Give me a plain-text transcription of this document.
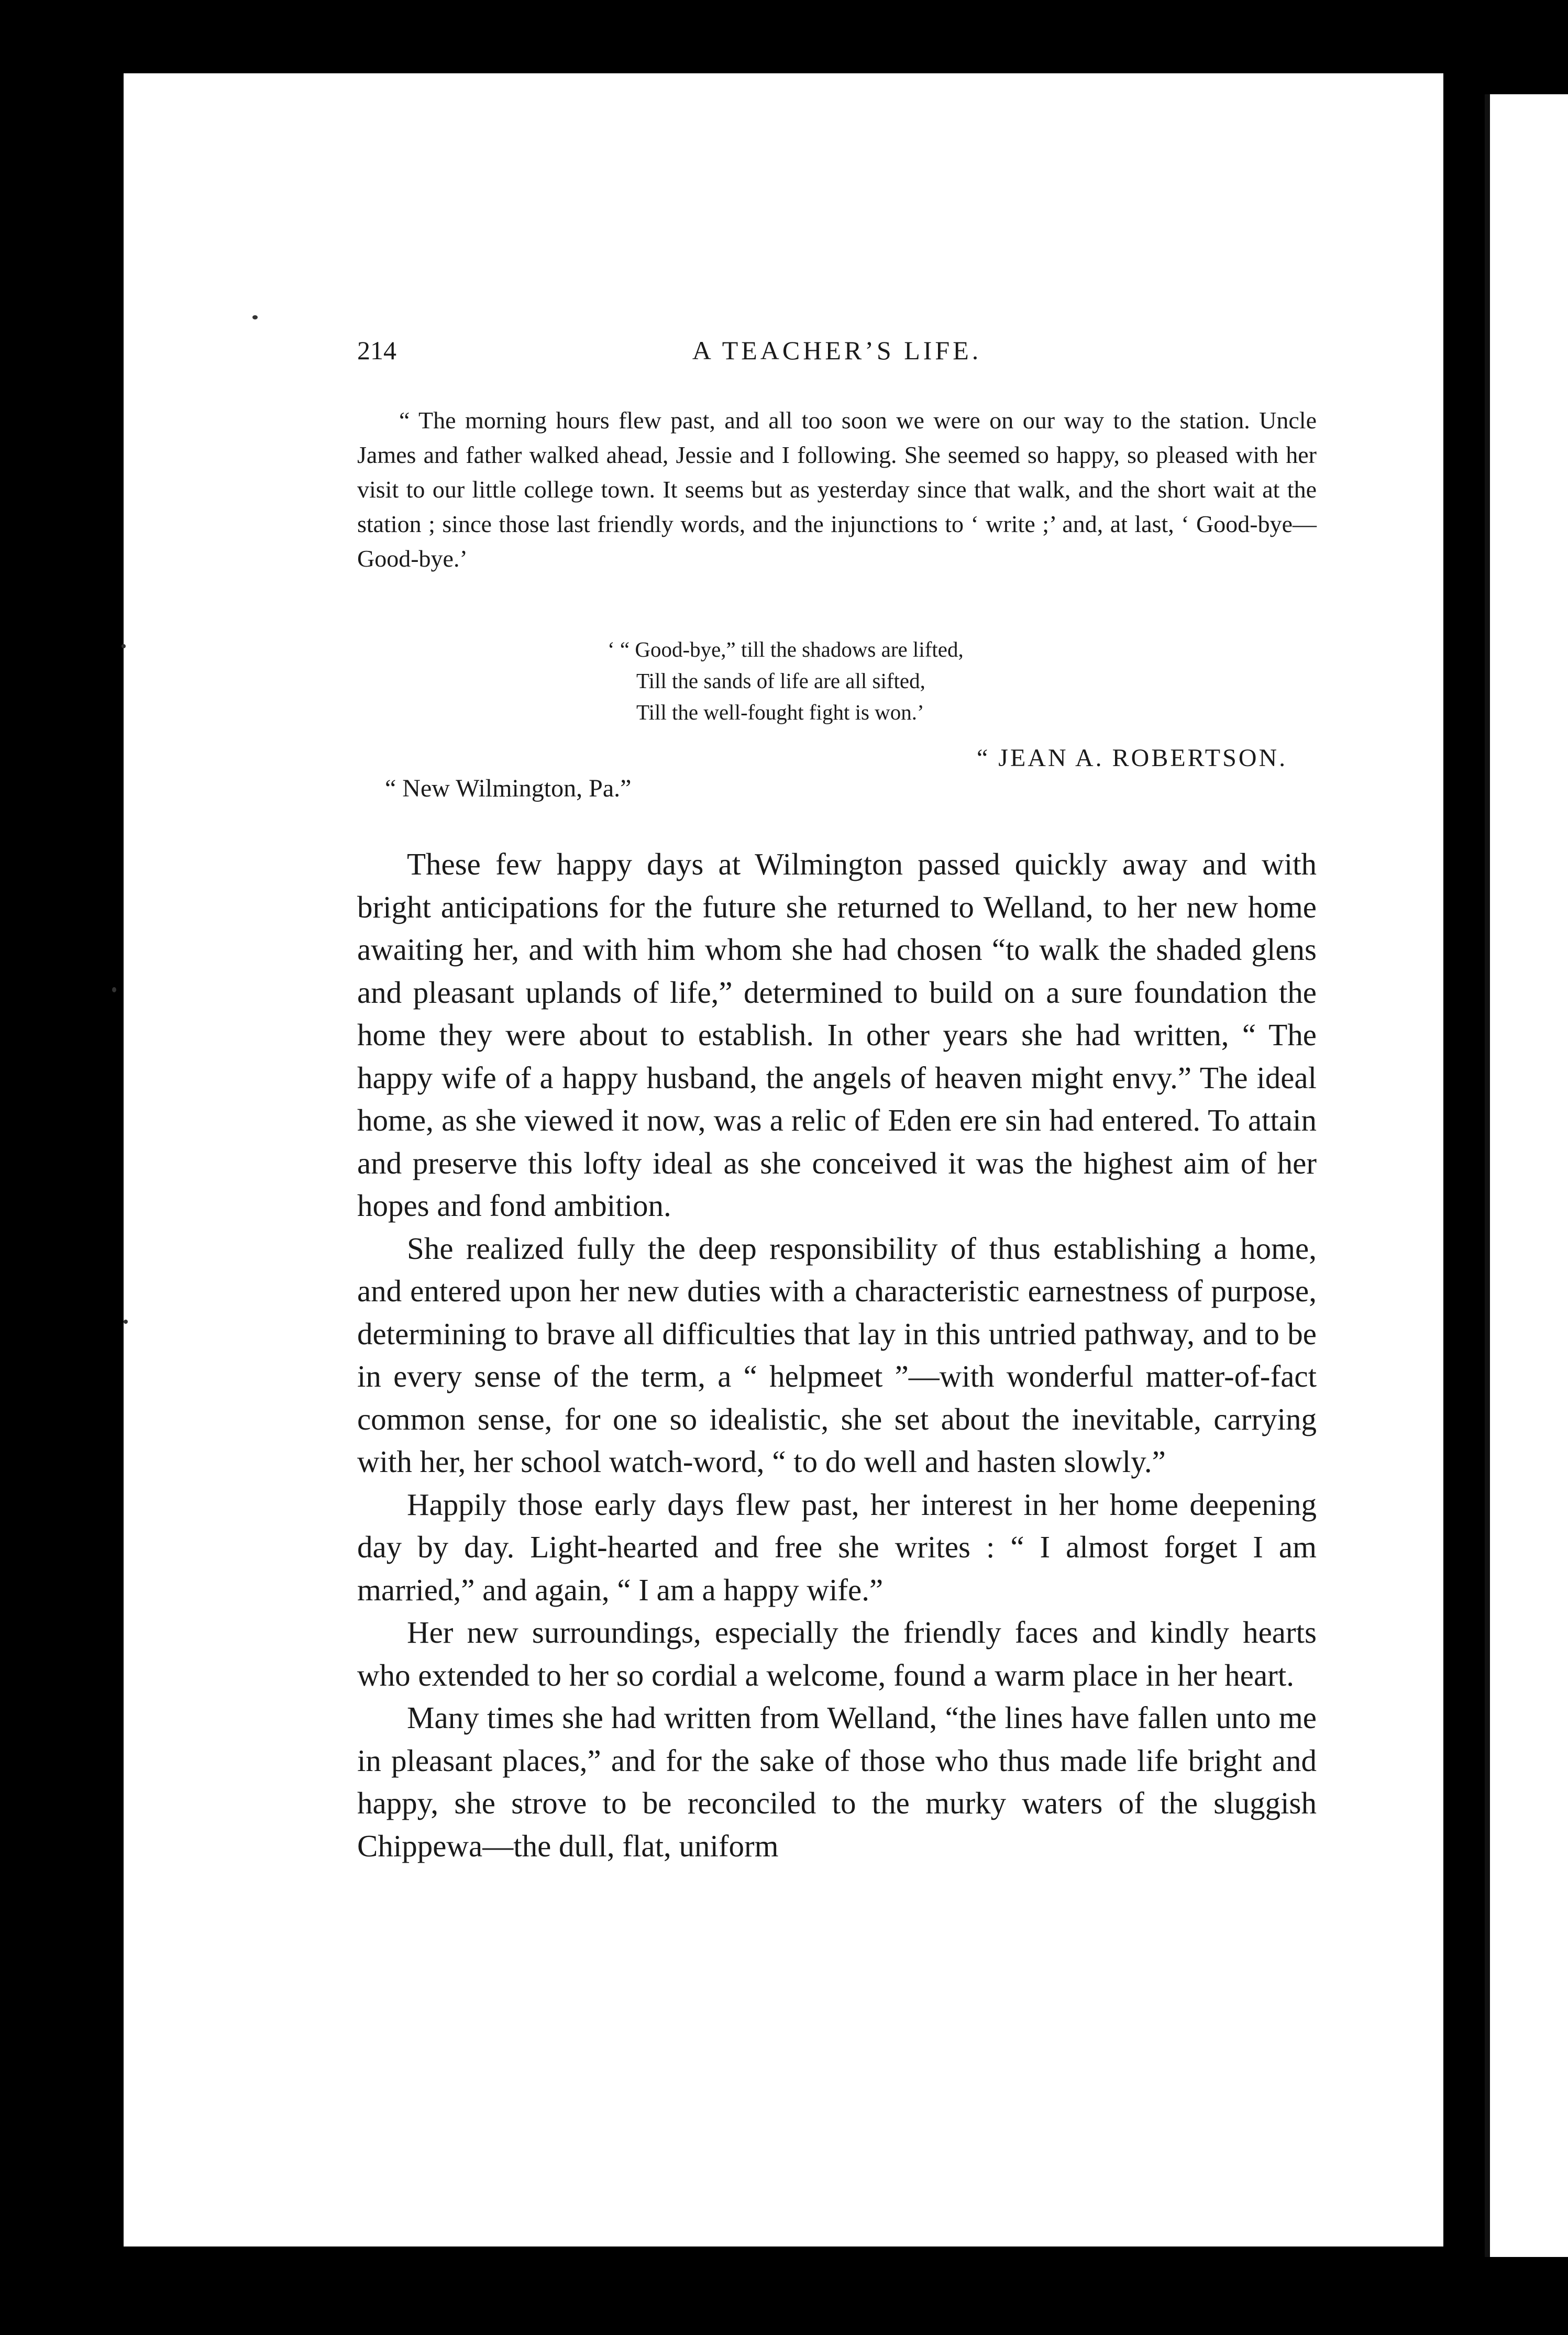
214	A TEACHER’S LIFE.

“ The morning hours flew past, and all too soon we were on our way to the station. Uncle James and father walked ahead, Jessie and I following. She seemed so happy, so pleased with her visit to our little college town. It seems but as yesterday since that walk, and the short wait at the station ; since those last friendly words, and the injunctions to ‘ write ;’ and, at last, ‘ Good-bye—Good-bye.’

‘ “ Good-bye,” till the shadows are lifted,
Till the sands of life are all sifted,
Till the well-fought fight is won.’
“ JEAN A. ROBERTSON.
“ New Wilmington, Pa.”

These few happy days at Wilmington passed quickly away and with bright anticipations for the future she returned to Welland, to her new home awaiting her, and with him whom she had chosen “to walk the shaded glens and pleasant uplands of life,” determined to build on a sure foundation the home they were about to establish. In other years she had written, “ The happy wife of a happy husband, the angels of heaven might envy.” The ideal home, as she viewed it now, was a relic of Eden ere sin had entered. To attain and preserve this lofty ideal as she conceived it was the highest aim of her hopes and fond ambition.

She realized fully the deep responsibility of thus establishing a home, and entered upon her new duties with a characteristic earnestness of purpose, determining to brave all difficulties that lay in this untried pathway, and to be in every sense of the term, a “ helpmeet ”—with wonderful matter-of-fact common sense, for one so idealistic, she set about the inevitable, carrying with her, her school watch-word, “ to do well and hasten slowly.”

Happily those early days flew past, her interest in her home deepening day by day. Light-hearted and free she writes : “ I almost forget I am married,” and again, “ I am a happy wife.”

Her new surroundings, especially the friendly faces and kindly hearts who extended to her so cordial a welcome, found a warm place in her heart.

Many times she had written from Welland, “the lines have fallen unto me in pleasant places,” and for the sake of those who thus made life bright and happy, she strove to be reconciled to the murky waters of the sluggish Chippewa—the dull, flat, uniform
